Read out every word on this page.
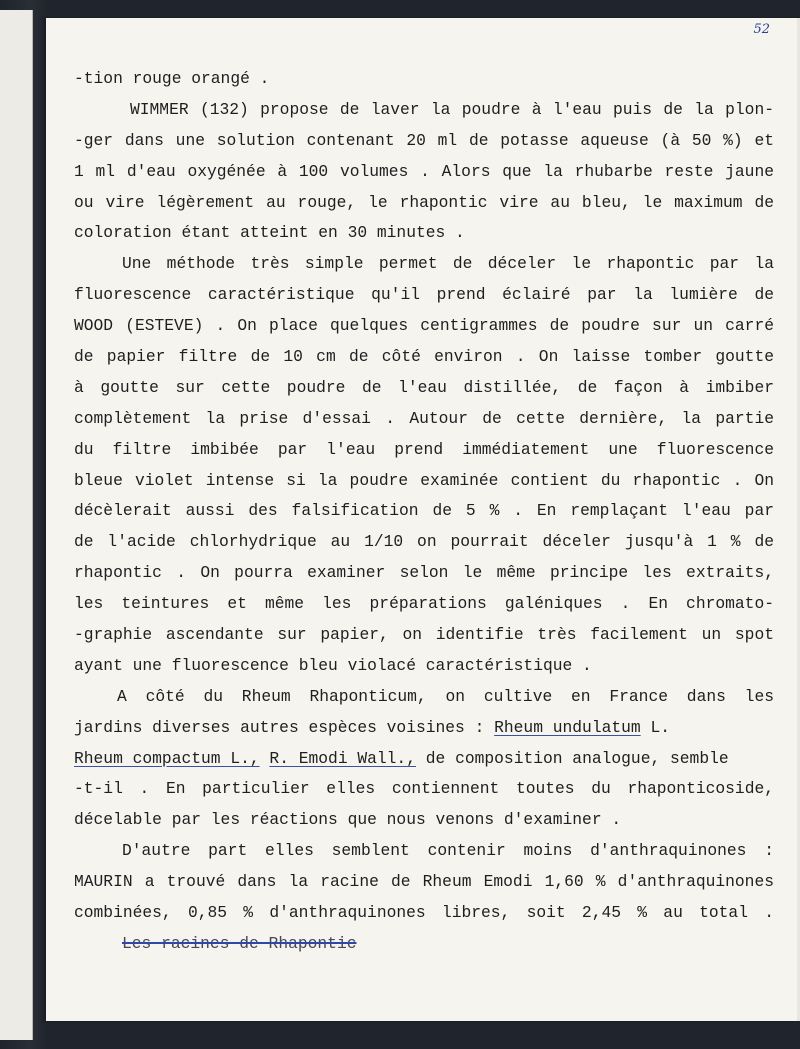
52
-tion rouge orangé .
WIMMER (132) propose de laver la poudre à l'eau puis de la plon-
-ger dans une solution contenant 20 ml de potasse aqueuse (à 50 %) et
1 ml d'eau oxygénée à 100 volumes . Alors que la rhubarbe reste jaune
ou vire légèrement au rouge, le rhapontic vire au bleu, le maximum de
coloration étant atteint en 30 minutes .
Une méthode très simple permet de déceler le rhapontic par la
fluorescence caractéristique qu'il prend éclairé par la lumière de
WOOD (ESTEVE) . On place quelques centigrammes de poudre sur un carré
de papier filtre de 10 cm de côté environ . On laisse tomber goutte
à goutte sur cette poudre de l'eau distillée, de façon à imbiber
complètement la prise d'essai . Autour de cette dernière, la partie
du filtre imbibée par l'eau prend immédiatement une fluorescence
bleue violet intense si la poudre examinée contient du rhapontic . On
décèlerait aussi des falsification de 5 % . En remplaçant l'eau par
de l'acide chlorhydrique au 1/10 on pourrait déceler jusqu'à 1 % de
rhapontic . On pourra examiner selon le même principe les extraits,
les teintures et même les préparations galéniques . En chromato-
-graphie ascendante sur papier, on identifie très facilement un spot
ayant une fluorescence bleu violacé caractéristique .
A côté du Rheum Rhaponticum, on cultive en France dans les
jardins diverses autres espèces voisines : Rheum undulatum L.
Rheum compactum L., R. Emodi Wall., de composition analogue, semble
-t-il . En particulier elles contiennent toutes du rhaponticoside,
décelable par les réactions que nous venons d'examiner .
D'autre part elles semblent contenir moins d'anthraquinones :
MAURIN a trouvé dans la racine de Rheum Emodi 1,60 % d'anthraquinones
combinées, 0,85 % d'anthraquinones libres, soit 2,45 % au total .
Les racines de Rhapontic
